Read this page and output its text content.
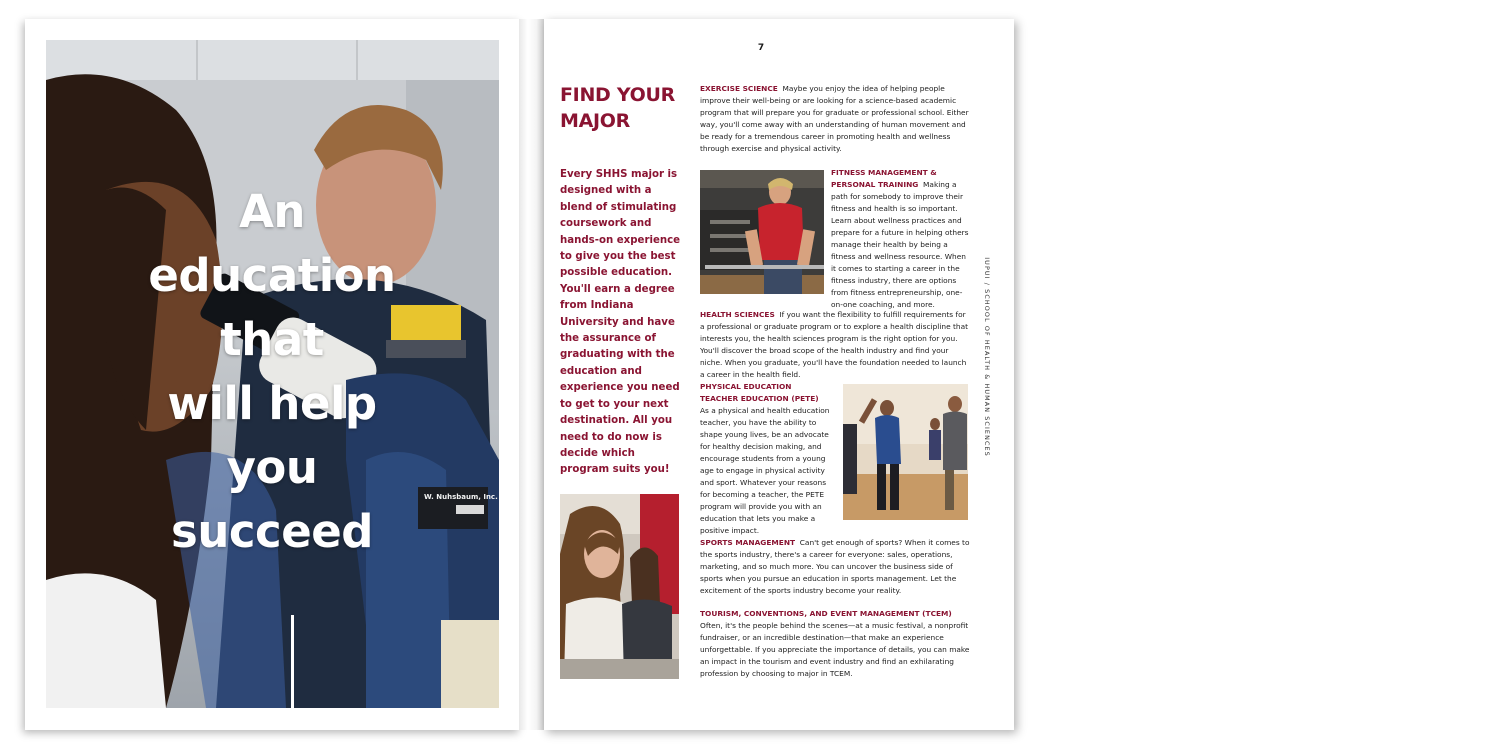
W. Nuhsbaum, Inc.
An
education
that
will help
you
succeed
7
FIND YOUR
MAJOR
Every SHHS major is designed with a blend of stimulating coursework and hands-on experience to give you the best possible education. You'll earn a degree from Indiana University and have the assurance of graduating with the education and experience you need to get to your next destination. All you need to do now is decide which program suits you!
EXERCISE SCIENCE Maybe you enjoy the idea of helping people improve their well-being or are looking for a science-based academic program that will prepare you for graduate or professional school. Either way, you'll come away with an understanding of human movement and be ready for a tremendous career in promoting health and wellness through exercise and physical activity.
FITNESS MANAGEMENT & PERSONAL TRAINING Making a path for somebody to improve their fitness and health is so important. Learn about wellness practices and prepare for a future in helping others manage their health by being a fitness and wellness resource. When it comes to starting a career in the fitness industry, there are options from fitness entrepreneurship, one-on-one coaching, and more.
HEALTH SCIENCES If you want the flexibility to fulfill requirements for a professional or graduate program or to explore a health discipline that interests you, the health sciences program is the right option for you. You'll discover the broad scope of the health industry and find your niche. When you graduate, you'll have the foundation needed to launch a career in the health field.
PHYSICAL EDUCATION TEACHER EDUCATION (PETE)  As a physical and health education teacher, you have the ability to shape young lives, be an advocate for healthy decision making, and encourage students from a young age to engage in physical activity and sport. Whatever your reasons for becoming a teacher, the PETE program will provide you with an education that lets you make a positive impact.
SPORTS MANAGEMENT Can't get enough of sports? When it comes to the sports industry, there's a career for everyone: sales, operations, marketing, and so much more. You can uncover the business side of sports when you pursue an education in sports management. Let the excitement of the sports industry become your reality.
TOURISM, CONVENTIONS, AND EVENT MANAGEMENT (TCEM)  Often, it's the people behind the scenes—at a music festival, a nonprofit fundraiser, or an incredible destination—that make an experience unforgettable. If you appreciate the importance of details, you can make an impact in the tourism and event industry and find an exhilarating profession by choosing to major in TCEM.
IUPUI / SCHOOL OF HEALTH & HUMAN SCIENCES
